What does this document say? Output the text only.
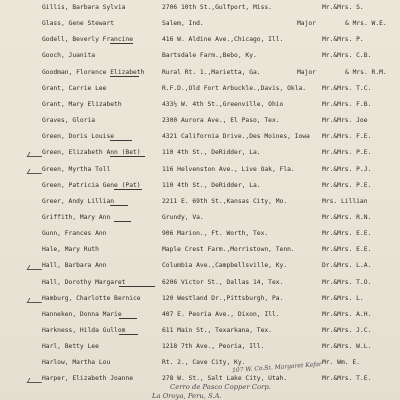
Gillis, Barbara Sylvia	2706 10th St.,Gulfport, Miss.	Mr.&Mrs. S.
Glass, Gene Stewart	Salem, Ind.	Major	& Mrs. W.E.
Godell, Beverly Francine	416 W. Aldine Ave.,Chicago, Ill.	Mr.&Mrs. P.
Gooch, Juanita	Bartsdale Farm.,Bebo, Ky.	Mr.&Mrs. C.B.
Goodman, Florence Elizabeth	Rural Rt. 1.,Marietta, Ga.	Major	& Mrs. R.M.
Grant, Carrie Lee	R.F.D.,Old Fort Arbuckle.,Davis, Okla.	Mr.&Mrs. T.C.
Grant, Mary Elizabeth	433½ W. 4th St.,Greenville, Ohio	Mr.&Mrs. F.B.
Graves, Gloria	2300 Aurora Ave., El Paso, Tex.	Mr.&Mrs. Joe
Green, Doris Louise	4321 California Drive.,Des Moines, Iowa Mr.&Mrs. F.E.
Green, Elizabeth Ann (Bet)	110 4th St., DeRidder, La.	Mr.&Mrs. P.E.
Green, Myrtha Toll	116 Helvenston Ave., Live Oak, Fla.	Mr.&Mrs. P.J.
Green, Patricia Gene (Pat)	110 4th St., DeRidder, La.	Mr.&Mrs. P.E.
Greer, Andy Lillian	2211 E. 69th St.,Kansas City, Mo.	Mrs. Lillian
Griffith, Mary Ann	Grundy, Va.	Mr.&Mrs. R.N.
Gunn, Frances Ann	906 Marion., Ft. Worth, Tex.	Mr.&Mrs. E.E.
Hale, Mary Ruth	Maple Crest Farm.,Morristown, Tenn.	Mr.&Mrs. E.E.
Hall, Barbara Ann	Columbia Ave.,Campbellsville, Ky.	Dr.&Mrs. L.A.
Hall, Dorothy Margaret	6206 Victor St., Dallas 14, Tex.	Mr.&Mrs. T.O.
Hamburg, Charlotte Bernice	120 Westland Dr.,Pittsburgh, Pa.	Mr.&Mrs. L.
Hanneken, Donna Marie	407 E. Peoria Ave., Dixon, Ill.	Mr.&Mrs. A.H.
Harkness, Hilda Gullom	611 Main St., Texarkana, Tex.	Mr.&Mrs. J.C.
Harl, Betty Lee	1218 7th Ave., Peoria, Ill.	Mr.&Mrs. W.L.
Harlow, Martha Lou	Rt. 2., Cave City, Ky.	Mr. Wm. E.
Harper, Elizabeth Joanne	278 W. St., Salt Lake City, Utah.	Mr.&Mrs. T.E.
Cerro de Pasco Copper Corp.
La Oroya, Peru, S.A.
107 W. Co.St. Margaret Kefar
